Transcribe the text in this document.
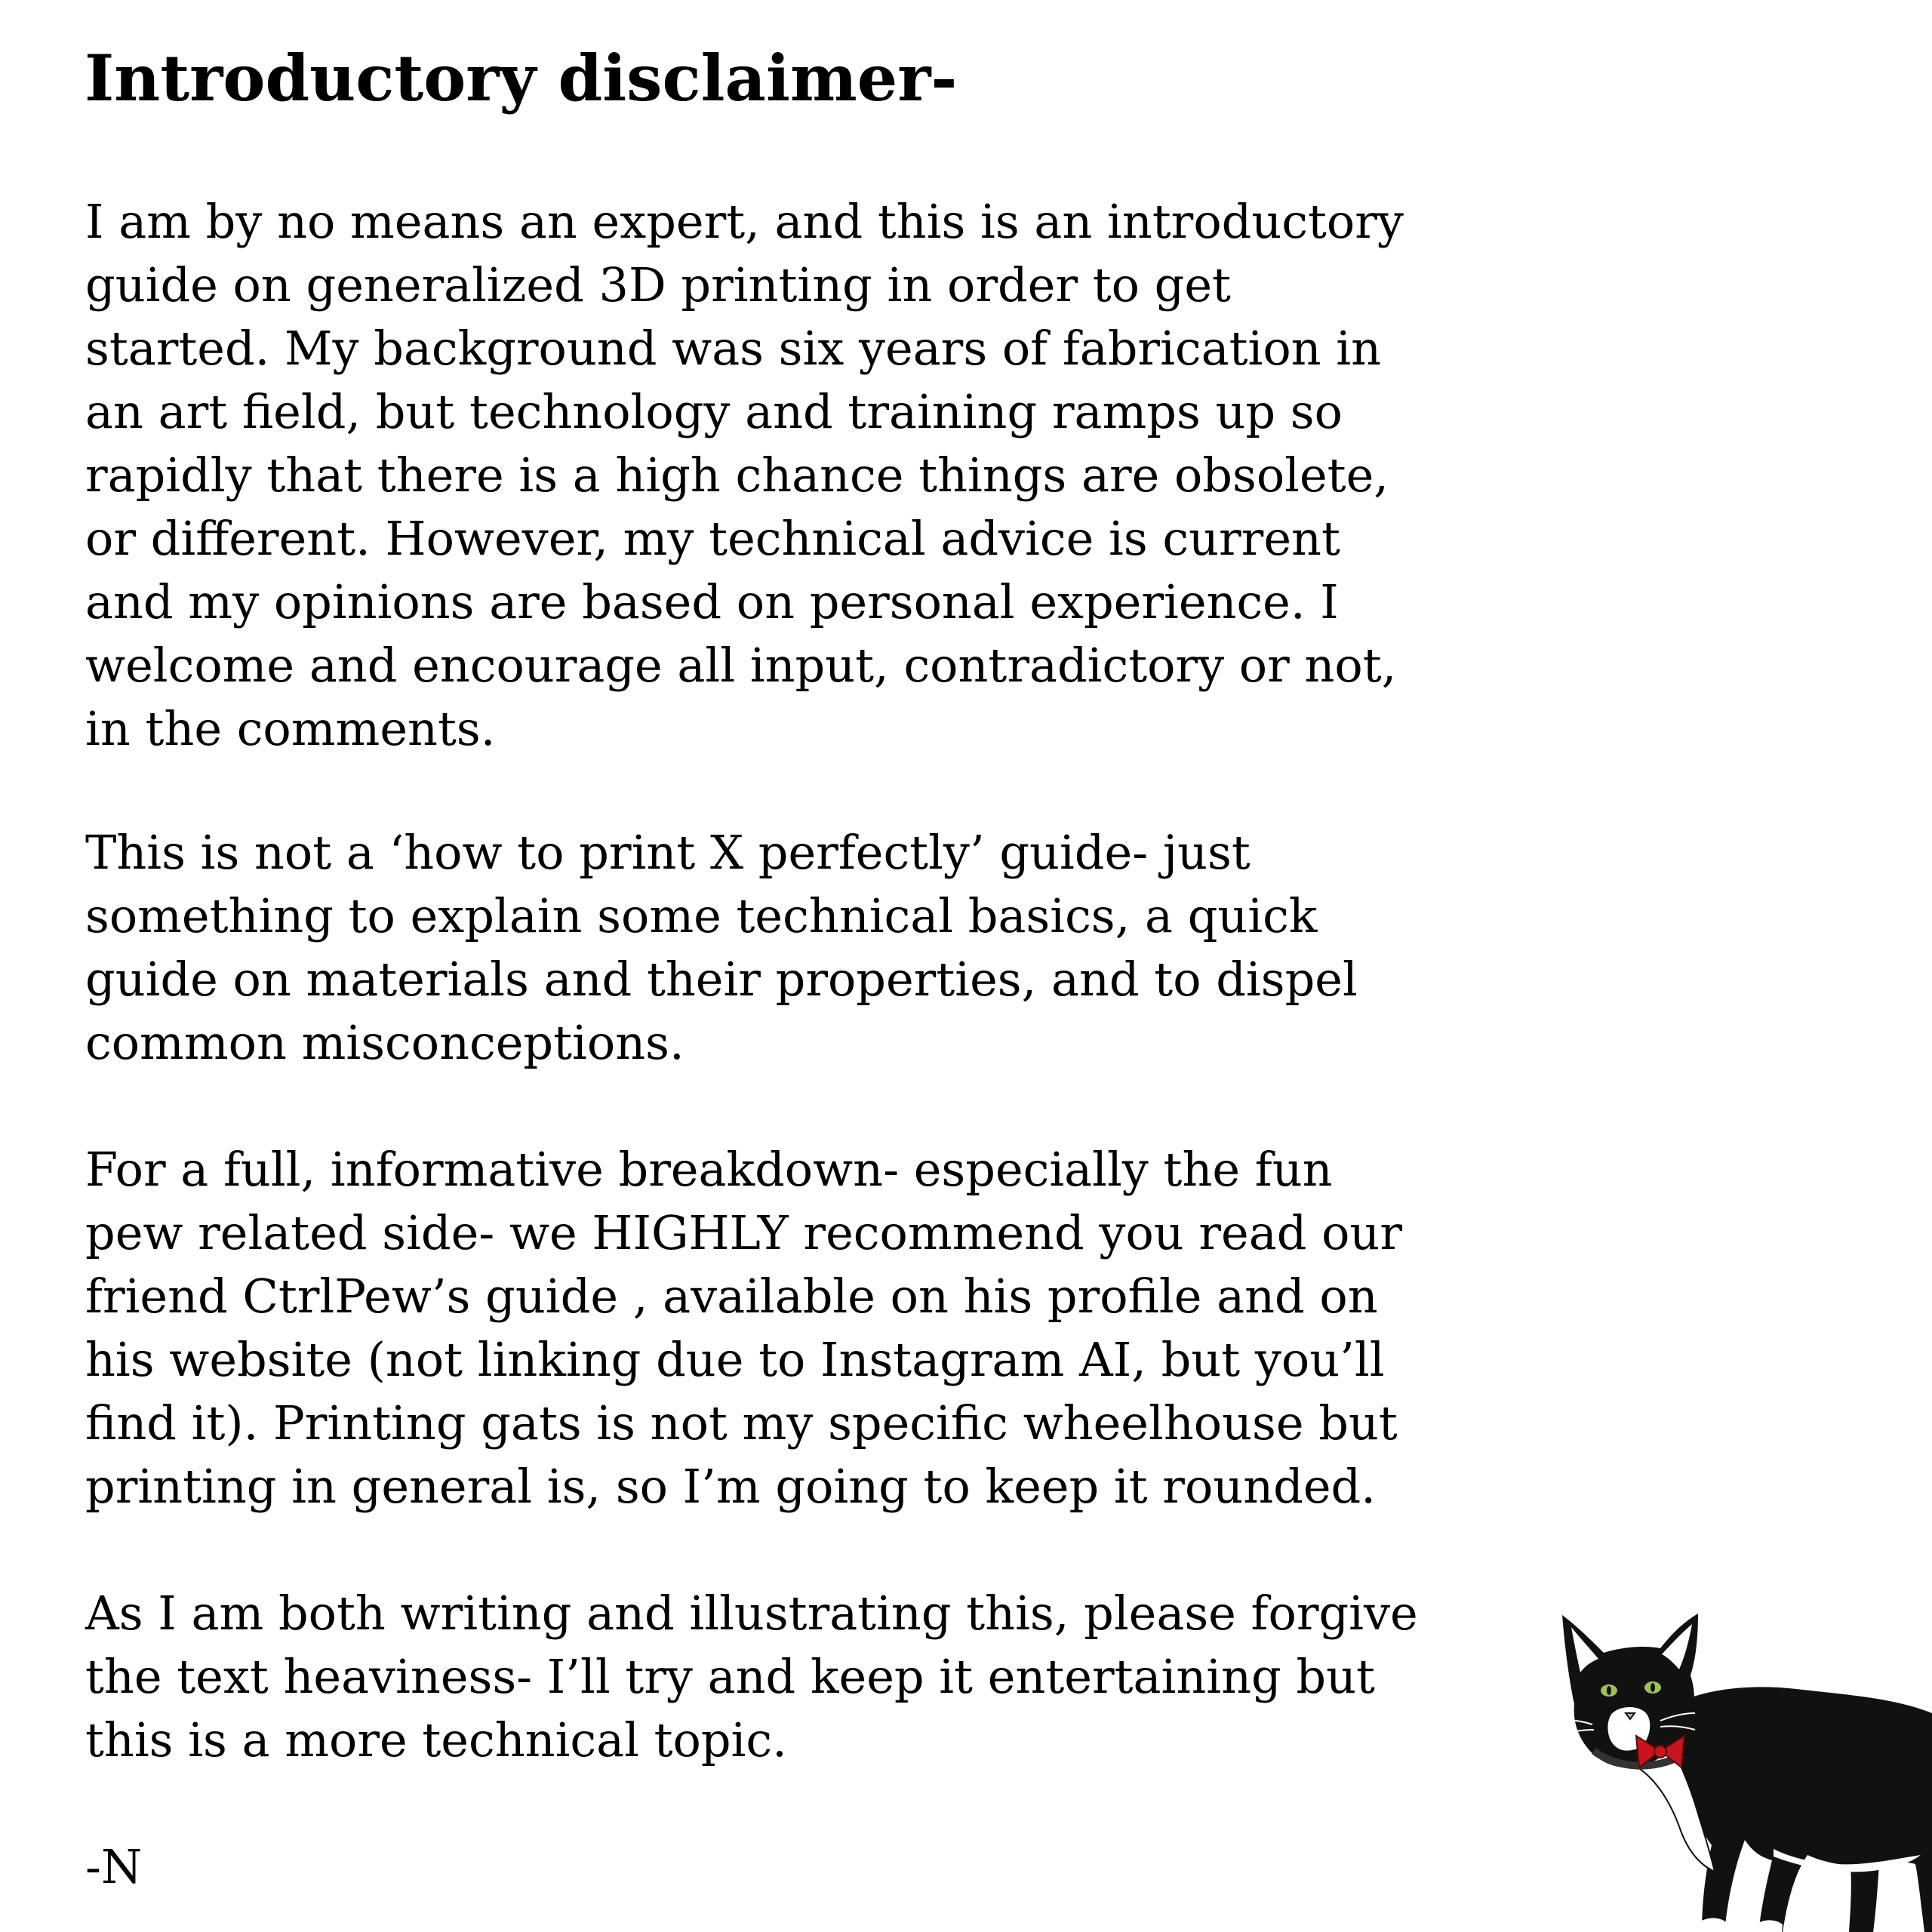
Introductory disclaimer-

I am by no means an expert, and this is an introductory
guide on generalized 3D printing in order to get
started. My background was six years of fabrication in
an art field, but technology and training ramps up so
rapidly that there is a high chance things are obsolete,
or different. However, my technical advice is current
and my opinions are based on personal experience. I
welcome and encourage all input, contradictory or not,
in the comments.

This is not a ‘how to print X perfectly’ guide- just
something to explain some technical basics, a quick
guide on materials and their properties, and to dispel
common misconceptions.

For a full, informative breakdown- especially the fun
pew related side- we HIGHLY recommend you read our
friend CtrlPew’s guide , available on his profile and on
his website (not linking due to Instagram AI, but you’ll
find it). Printing gats is not my specific wheelhouse but
printing in general is, so I’m going to keep it rounded.

As I am both writing and illustrating this, please forgive
the text heaviness- I’ll try and keep it entertaining but
this is a more technical topic.

-N
